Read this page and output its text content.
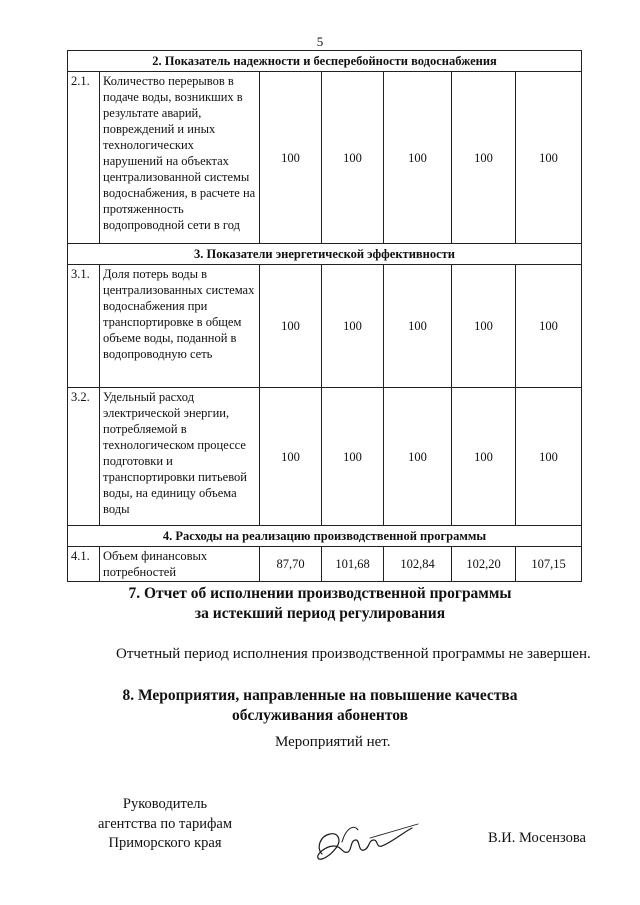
5
2. Показатель надежности и бесперебойности водоснабжения						
2.1.	Количество перерывов в подаче воды, возникших в результате аварий, повреждений и иных технологических нарушений на объектах централизованной системы водоснабжения, в расчете на протяженность водопроводной сети в год	100	100	100	100	100
3. Показатели энергетической эффективности						
3.1.	Доля потерь воды в централизованных системах водоснабжения при транспортировке в общем объеме воды, поданной в водопроводную сеть	100	100	100	100	100
3.2.	Удельный расход электрической энергии, потребляемой в технологическом процессе подготовки и транспортировки питьевой воды, на единицу объема воды	100	100	100	100	100
4. Расходы на реализацию производственной программы						
4.1.	Объем финансовых потребностей	87,70	101,68	102,84	102,20	107,15
7. Отчет об исполнении производственной программы
за истекший период регулирования
Отчетный период исполнения производственной программы не завершен.
8. Мероприятия, направленные на повышение качества
обслуживания абонентов
Мероприятий нет.
Руководитель
агентства по тарифам
Приморского края	В.И. Мосензова
